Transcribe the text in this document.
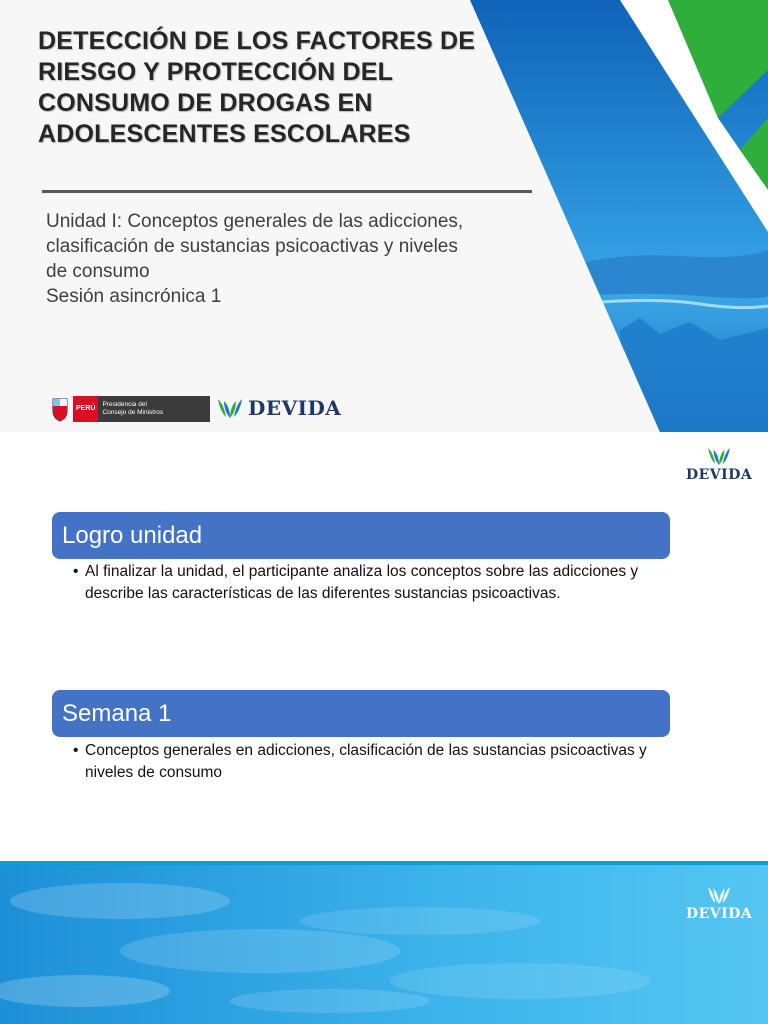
DETECCIÓN DE LOS FACTORES DE RIESGO Y PROTECCIÓN DEL CONSUMO DE DROGAS EN ADOLESCENTES ESCOLARES

Unidad I: Conceptos generales de las adicciones,

clasificación de sustancias psicoactivas y niveles

de consumo

Sesión asincrónica 1

PERÚ
Presidencia del
Consejo de Ministros	DEVIDA
DEVIDA
Logro unidad
• Al finalizar la unidad, el participante analiza los conceptos sobre las adicciones y describe las características de las diferentes sustancias psicoactivas.
Semana 1
• Conceptos generales en adicciones, clasificación de las sustancias psicoactivas y niveles de consumo
DEVIDA
